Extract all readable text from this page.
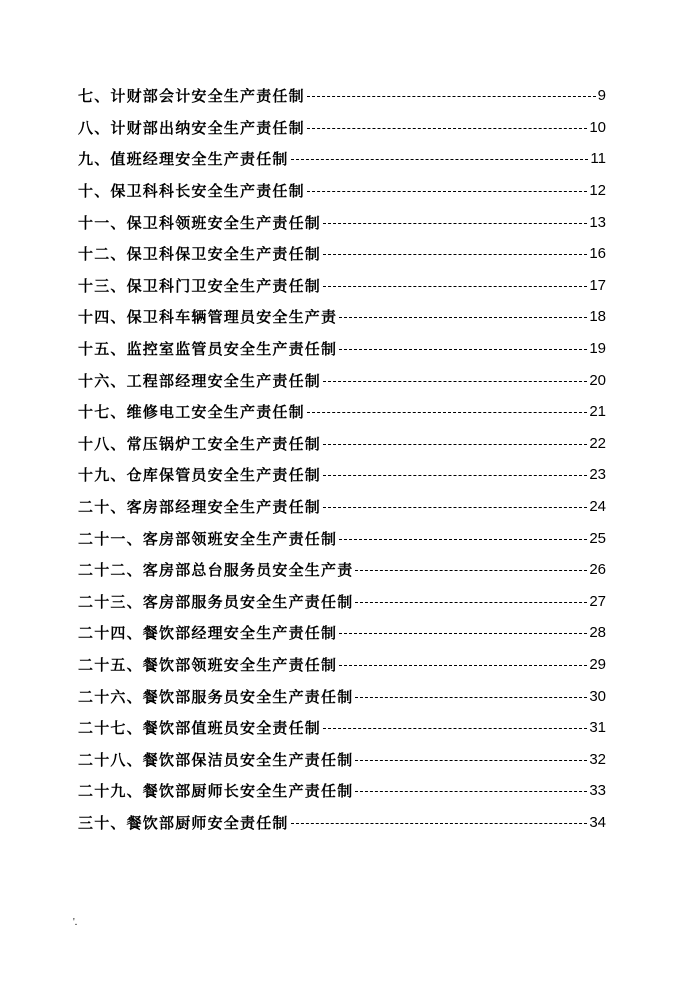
七、计财部会计安全生产责任制	9
八、计财部出纳安全生产责任制	10
九、值班经理安全生产责任制	11
十、保卫科科长安全生产责任制	12
十一、保卫科领班安全生产责任制	13
十二、保卫科保卫安全生产责任制	16
十三、保卫科门卫安全生产责任制	17
十四、保卫科车辆管理员安全生产责	18
十五、监控室监管员安全生产责任制	19
十六、工程部经理安全生产责任制	20
十七、维修电工安全生产责任制	21
十八、常压锅炉工安全生产责任制	22
十九、仓库保管员安全生产责任制	23
二十、客房部经理安全生产责任制	24
二十一、客房部领班安全生产责任制	25
二十二、客房部总台服务员安全生产责	26
二十三、客房部服务员安全生产责任制	27
二十四、餐饮部经理安全生产责任制	28
二十五、餐饮部领班安全生产责任制	29
二十六、餐饮部服务员安全生产责任制	30
二十七、餐饮部值班员安全责任制	31
二十八、餐饮部保洁员安全生产责任制	32
二十九、餐饮部厨师长安全生产责任制	33
三十、餐饮部厨师安全责任制	34
'.
